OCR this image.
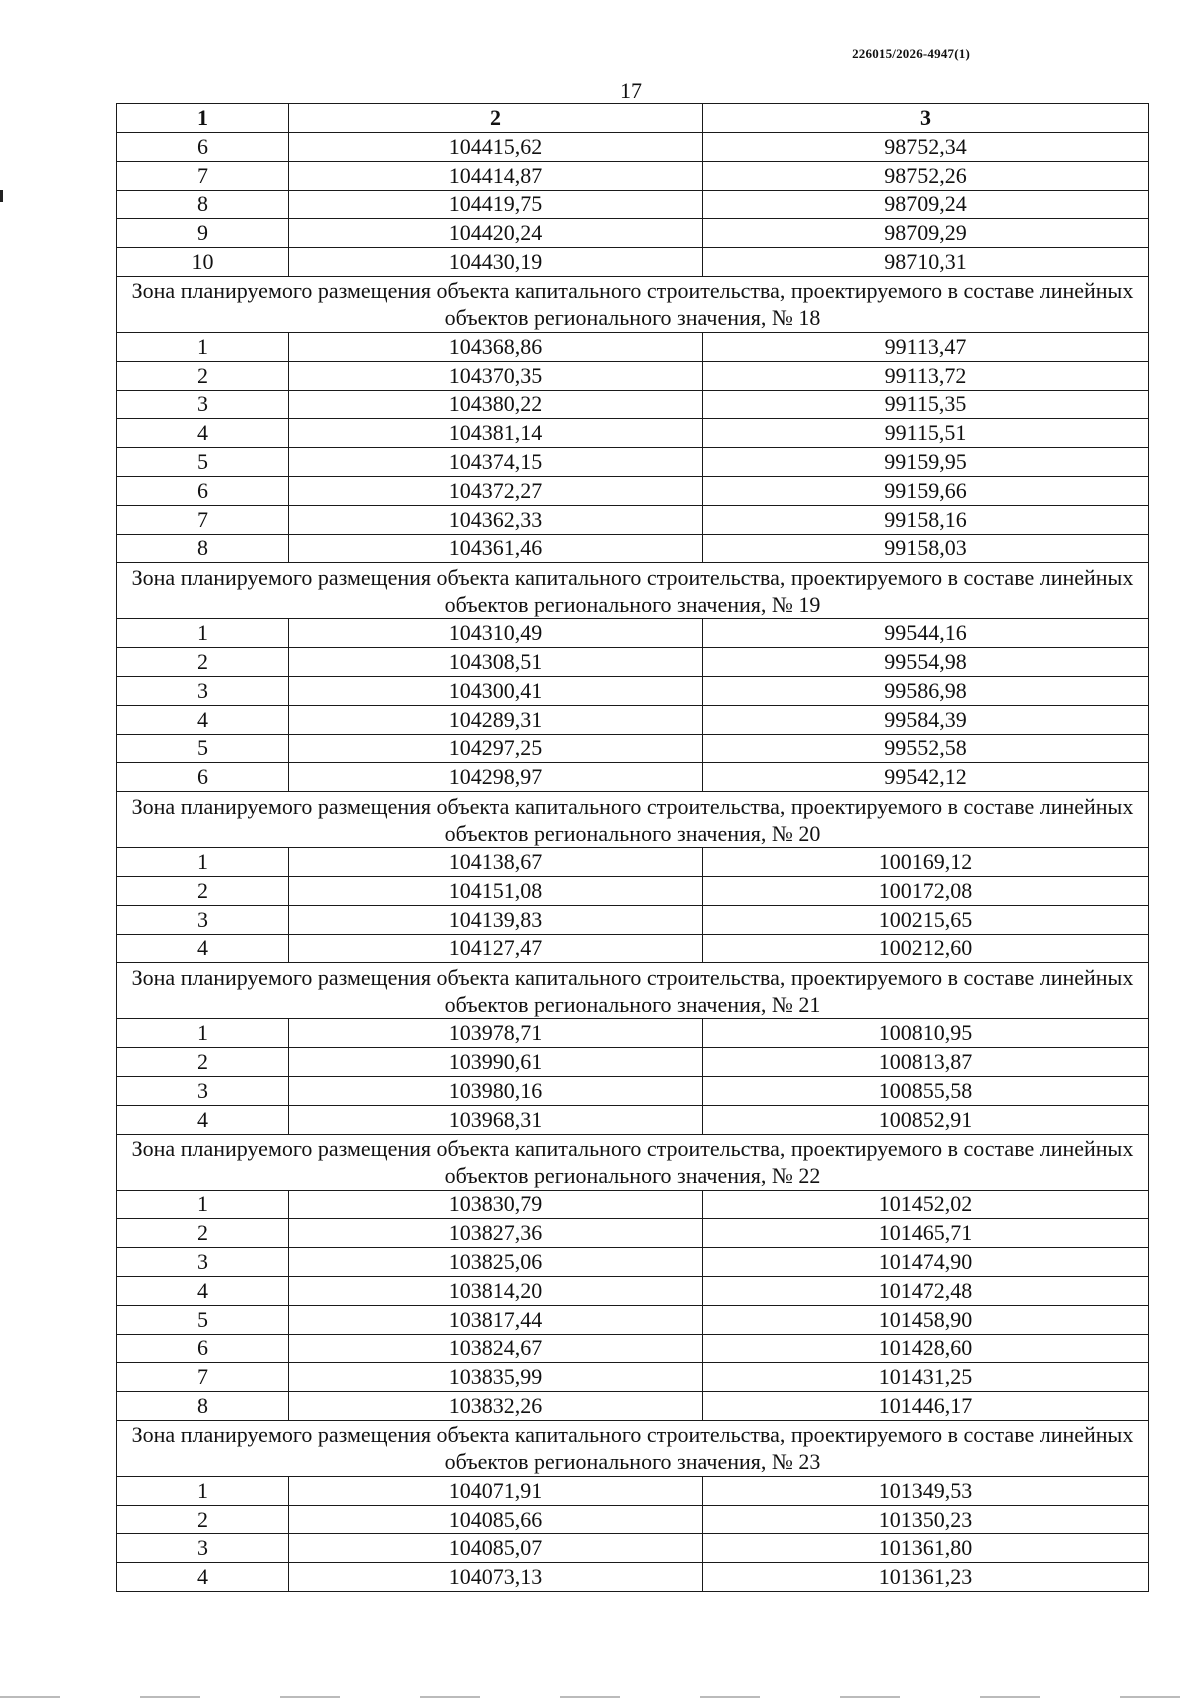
226015/2026-4947(1)
17
1	2	3
6	104415,62	98752,34
7	104414,87	98752,26
8	104419,75	98709,24
9	104420,24	98709,29
10	104430,19	98710,31
Зона планируемого размещения объекта капитального строительства, проектируемого в составе линейных объектов регионального значения, № 18		
1	104368,86	99113,47
2	104370,35	99113,72
3	104380,22	99115,35
4	104381,14	99115,51
5	104374,15	99159,95
6	104372,27	99159,66
7	104362,33	99158,16
8	104361,46	99158,03
Зона планируемого размещения объекта капитального строительства, проектируемого в составе линейных объектов регионального значения, № 19		
1	104310,49	99544,16
2	104308,51	99554,98
3	104300,41	99586,98
4	104289,31	99584,39
5	104297,25	99552,58
6	104298,97	99542,12
Зона планируемого размещения объекта капитального строительства, проектируемого в составе линейных объектов регионального значения, № 20		
1	104138,67	100169,12
2	104151,08	100172,08
3	104139,83	100215,65
4	104127,47	100212,60
Зона планируемого размещения объекта капитального строительства, проектируемого в составе линейных объектов регионального значения, № 21		
1	103978,71	100810,95
2	103990,61	100813,87
3	103980,16	100855,58
4	103968,31	100852,91
Зона планируемого размещения объекта капитального строительства, проектируемого в составе линейных объектов регионального значения, № 22		
1	103830,79	101452,02
2	103827,36	101465,71
3	103825,06	101474,90
4	103814,20	101472,48
5	103817,44	101458,90
6	103824,67	101428,60
7	103835,99	101431,25
8	103832,26	101446,17
Зона планируемого размещения объекта капитального строительства, проектируемого в составе линейных объектов регионального значения, № 23		
1	104071,91	101349,53
2	104085,66	101350,23
3	104085,07	101361,80
4	104073,13	101361,23
